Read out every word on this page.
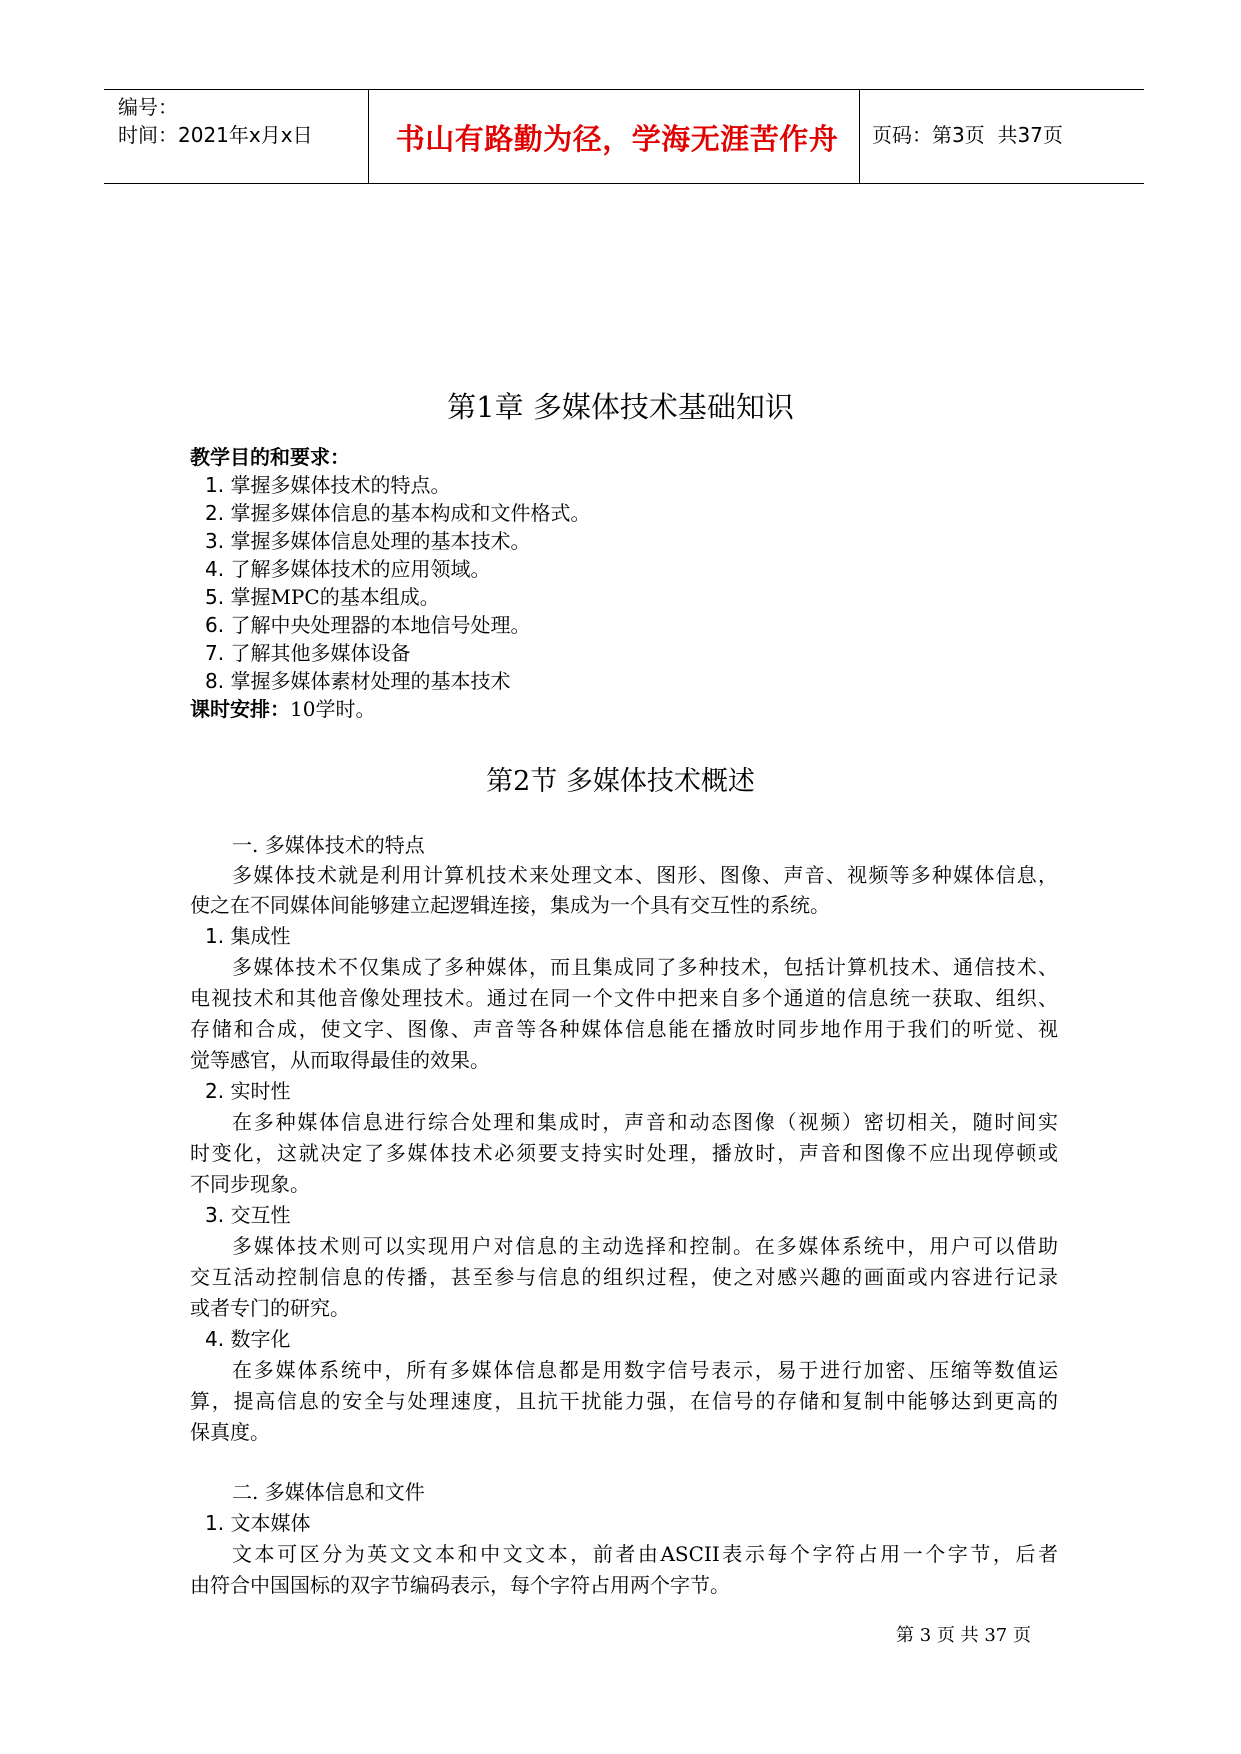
编号：
时间：2021年x月x日	书山有路勤为径，学海无涯苦作舟	页码：第3页  共37页
第1章 多媒体技术基础知识
教学目的和要求：
1. 掌握多媒体技术的特点。
2. 掌握多媒体信息的基本构成和文件格式。
3. 掌握多媒体信息处理的基本技术。
4. 了解多媒体技术的应用领域。
5. 掌握MPC的基本组成。
6. 了解中央处理器的本地信号处理。
7. 了解其他多媒体设备
8. 掌握多媒体素材处理的基本技术
课时安排：10学时。
第2节 多媒体技术概述
一. 多媒体技术的特点
多媒体技术就是利用计算机技术来处理文本、图形、图像、声音、视频等多种媒体信息，
使之在不同媒体间能够建立起逻辑连接，集成为一个具有交互性的系统。
1. 集成性
多媒体技术不仅集成了多种媒体，而且集成同了多种技术，包括计算机技术、通信技术、
电视技术和其他音像处理技术。通过在同一个文件中把来自多个通道的信息统一获取、组织、
存储和合成，使文字、图像、声音等各种媒体信息能在播放时同步地作用于我们的听觉、视
觉等感官，从而取得最佳的效果。
2. 实时性
在多种媒体信息进行综合处理和集成时，声音和动态图像（视频）密切相关，随时间实
时变化，这就决定了多媒体技术必须要支持实时处理，播放时，声音和图像不应出现停顿或
不同步现象。
3. 交互性
多媒体技术则可以实现用户对信息的主动选择和控制。在多媒体系统中，用户可以借助
交互活动控制信息的传播，甚至参与信息的组织过程，使之对感兴趣的画面或内容进行记录
或者专门的研究。
4. 数字化
在多媒体系统中，所有多媒体信息都是用数字信号表示，易于进行加密、压缩等数值运
算，提高信息的安全与处理速度，且抗干扰能力强，在信号的存储和复制中能够达到更高的
保真度。
二. 多媒体信息和文件
1. 文本媒体
文本可区分为英文文本和中文文本，前者由ASCII表示每个字符占用一个字节，后者
由符合中国国标的双字节编码表示，每个字符占用两个字节。
第 3 页 共 37 页
